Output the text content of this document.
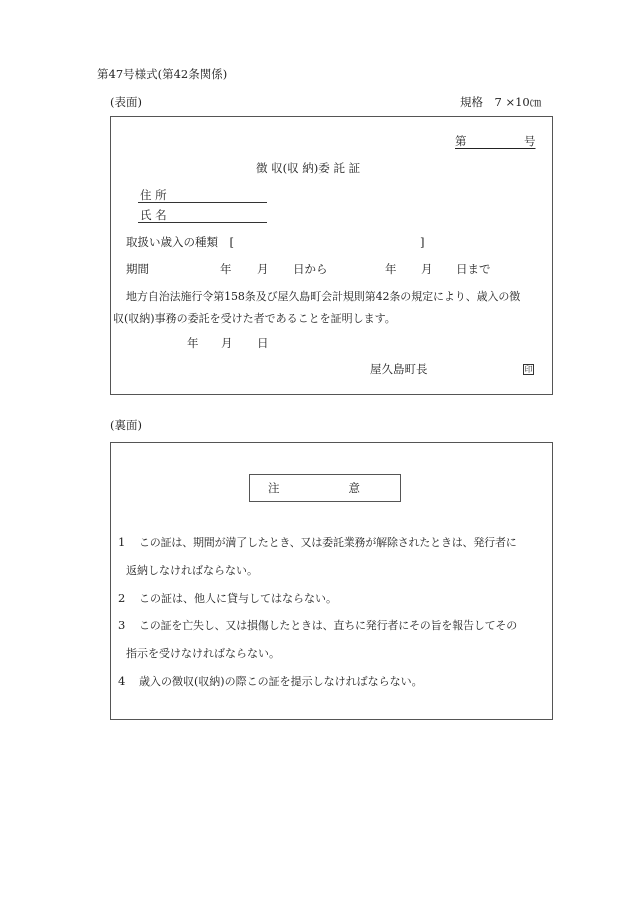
第47号様式(第42条関係)
(表面)	規格　7 ×10㎝
第　　　　　号
徴 収(収 納)委 託 証
住 所
氏 名
取扱い歳入の種類　[	]
期間	年 月 日から	年 月 日まで
地方自治法施行令第158条及び屋久島町会計規則第42条の規定により、歳入の徴
収(収納)事務の委託を受けた者であることを証明します。
年 月 日
屋久島町長	印
(裏面)
注　　　　　　意
1 この証は、期間が満了したとき、又は委託業務が解除されたときは、発行者に
返納しなければならない。
2 この証は、他人に貸与してはならない。
3 この証を亡失し、又は損傷したときは、直ちに発行者にその旨を報告してその
指示を受けなければならない。
4 歳入の徴収(収納)の際この証を提示しなければならない。
